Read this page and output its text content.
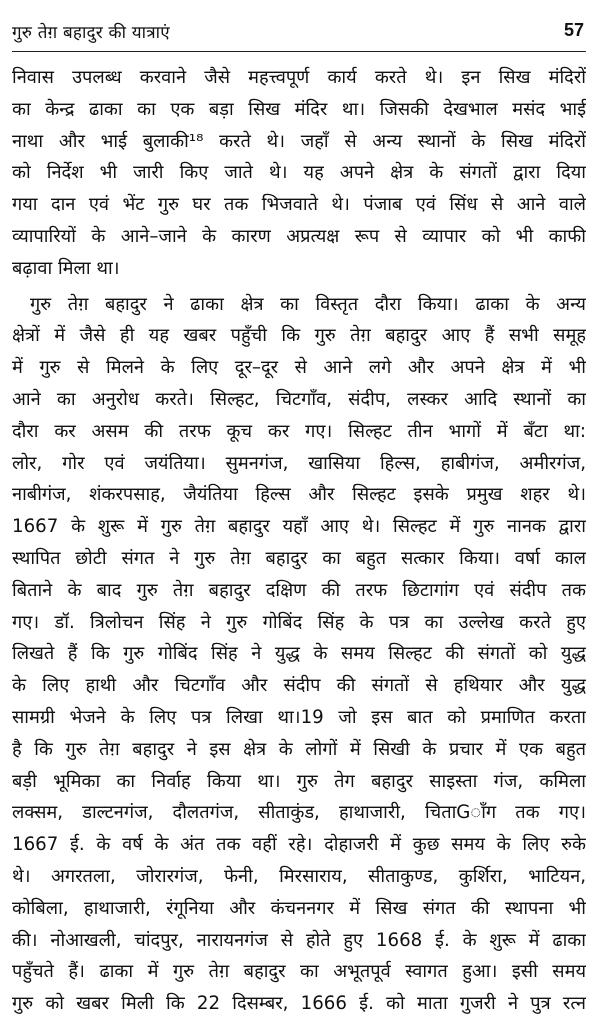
गुरु तेग़ बहादुर की यात्राएं	57
निवास उपलब्ध करवाने जैसे महत्त्वपूर्ण कार्य करते थे। इन सिख मंदिरों
का केन्द्र ढाका का एक बड़ा सिख मंदिर था। जिसकी देखभाल मसंद भाई
नाथा और भाई बुलाकी¹⁸ करते थे। जहाँ से अन्य स्थानों के सिख मंदिरों
को निर्देश भी जारी किए जाते थे। यह अपने क्षेत्र के संगतों द्वारा दिया
गया दान एवं भेंट गुरु घर तक भिजवाते थे। पंजाब एवं सिंध से आने वाले
व्यापारियों के आने–जाने के कारण अप्रत्यक्ष रूप से व्यापार को भी काफी
बढ़ावा मिला था।
गुरु तेग़ बहादुर ने ढाका क्षेत्र का विस्तृत दौरा किया। ढाका के अन्य
क्षेत्रों में जैसे ही यह खबर पहुँची कि गुरु तेग़ बहादुर आए हैं सभी समूह
में गुरु से मिलने के लिए दूर–दूर से आने लगे और अपने क्षेत्र में भी
आने का अनुरोध करते। सिल्हट, चिटगाँव, संदीप, लस्कर आदि स्थानों का
दौरा कर असम की तरफ कूच कर गए। सिल्हट तीन भागों में बँटा था:
लोर, गोर एवं जयंतिया। सुमनगंज, खासिया हिल्स, हाबीगंज, अमीरगंज,
नाबीगंज, शंकरपसाह, जैयंतिया हिल्स और सिल्हट इसके प्रमुख शहर थे।
1667 के शुरू में गुरु तेग़ बहादुर यहाँ आए थे। सिल्हट में गुरु नानक द्वारा
स्थापित छोटी संगत ने गुरु तेग़ बहादुर का बहुत सत्कार किया। वर्षा काल
बिताने के बाद गुरु तेग़ बहादुर दक्षिण की तरफ छिटागांग एवं संदीप तक
गए। डॉ. त्रिलोचन सिंह ने गुरु गोबिंद सिंह के पत्र का उल्लेख करते हुए
लिखते हैं कि गुरु गोबिंद सिंह ने युद्ध के समय सिल्हट की संगतों को युद्ध
के लिए हाथी और चिटगाँव और संदीप की संगतों से हथियार और युद्ध
सामग्री भेजने के लिए पत्र लिखा था।19 जो इस बात को प्रमाणित करता
है कि गुरु तेग़ बहादुर ने इस क्षेत्र के लोगों में सिखी के प्रचार में एक बहुत
बड़ी भूमिका का निर्वाह किया था। गुरु तेग बहादुर साइस्ता गंज, कमिला
लक्सम, डाल्टनगंज, दौलतगंज, सीताकुंड, हाथाजारी, चिताGाँग तक गए।
1667 ई. के वर्ष के अंत तक वहीं रहे। दोहाजरी में कुछ समय के लिए रुके
थे। अगरतला, जोरारगंज, फेनी, मिरसाराय, सीताकुण्ड, कुर्शिरा, भाटियन,
कोबिला, हाथाजारी, रंगूनिया और कंचननगर में सिख संगत की स्थापना भी
की। नोआखली, चांदपुर, नारायनगंज से होते हुए 1668 ई. के शुरू में ढाका
पहुँचते हैं। ढाका में गुरु तेग़ बहादुर का अभूतपूर्व स्वागत हुआ। इसी समय
गुरु को खबर मिली कि 22 दिसम्बर, 1666 ई. को माता गुजरी ने पुत्र रत्न
